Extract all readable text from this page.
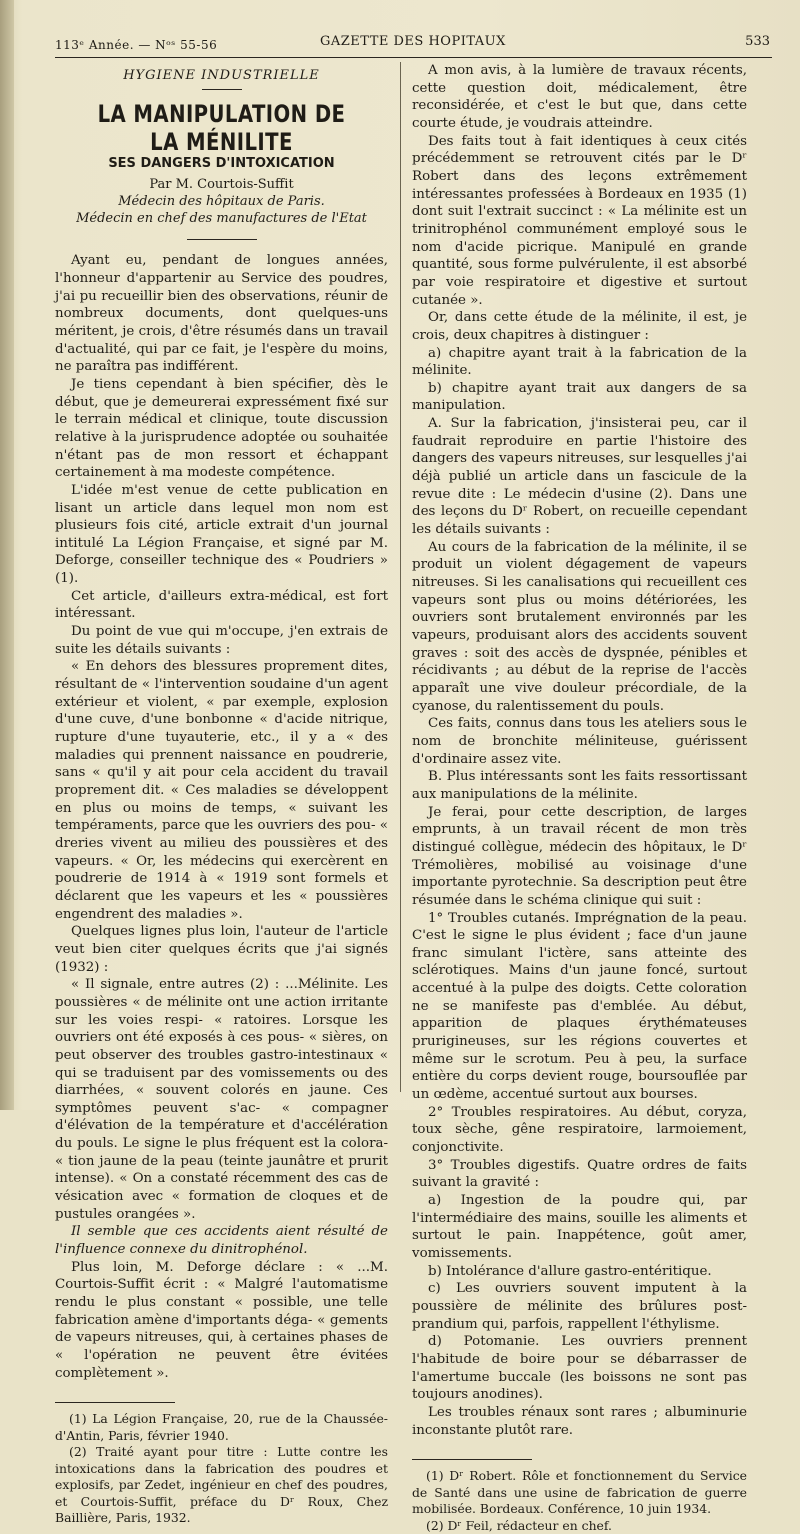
113ᵉ Année. — Nᵒˢ 55-56	GAZETTE DES HOPITAUX	533
HYGIENE INDUSTRIELLE
LA MANIPULATION DE LA MÉNILITE
SES DANGERS D'INTOXICATION
Par M. Courtois-Suffit
Médecin des hôpitaux de Paris.
Médecin en chef des manufactures de l'Etat

Ayant eu, pendant de longues années, l'honneur d'appartenir au Service des poudres, j'ai pu recueillir bien des observations, réunir de nombreux documents, dont quelques-uns méritent, je crois, d'être résumés dans un travail d'actualité, qui par ce fait, je l'espère du moins, ne paraîtra pas indifférent.

Je tiens cependant à bien spécifier, dès le début, que je demeurerai expressément fixé sur le terrain médical et clinique, toute discussion relative à la jurisprudence adoptée ou souhaitée n'étant pas de mon ressort et échappant certainement à ma modeste compétence.

L'idée m'est venue de cette publication en lisant un article dans lequel mon nom est plusieurs fois cité, article extrait d'un journal intitulé La Légion Française, et signé par M. Deforge, conseiller technique des « Poudriers » (1).

Cet article, d'ailleurs extra-médical, est fort intéressant.

Du point de vue qui m'occupe, j'en extrais de suite les détails suivants :

« En dehors des blessures proprement dites, résultant de « l'intervention soudaine d'un agent extérieur et violent, « par exemple, explosion d'une cuve, d'une bonbonne « d'acide nitrique, rupture d'une tuyauterie, etc., il y a « des maladies qui prennent naissance en poudrerie, sans « qu'il y ait pour cela accident du travail proprement dit. « Ces maladies se développent en plus ou moins de temps, « suivant les tempéraments, parce que les ouvriers des pou- « dreries vivent au milieu des poussières et des vapeurs. « Or, les médecins qui exercèrent en poudrerie de 1914 à « 1919 sont formels et déclarent que les vapeurs et les « poussières engendrent des maladies ».

Quelques lignes plus loin, l'auteur de l'article veut bien citer quelques écrits que j'ai signés (1932) :

« Il signale, entre autres (2) : ...Mélinite. Les poussières « de mélinite ont une action irritante sur les voies respi- « ratoires. Lorsque les ouvriers ont été exposés à ces pous- « sières, on peut observer des troubles gastro-intestinaux « qui se traduisent par des vomissements ou des diarrhées, « souvent colorés en jaune. Ces symptômes peuvent s'ac- « compagner d'élévation de la température et d'accélération du pouls. Le signe le plus fréquent est la colora- « tion jaune de la peau (teinte jaunâtre et prurit intense). « On a constaté récemment des cas de vésication avec « formation de cloques et de pustules orangées ».

Il semble que ces accidents aient résulté de l'influence connexe du dinitrophénol.

Plus loin, M. Deforge déclare : « ...M. Courtois-Suffit écrit : « Malgré l'automatisme rendu le plus constant « possible, une telle fabrication amène d'importants déga- « gements de vapeurs nitreuses, qui, à certaines phases de « l'opération ne peuvent être évitées complètement ».

(1) La Légion Française, 20, rue de la Chaussée-d'Antin, Paris, février 1940.

(2) Traité ayant pour titre : Lutte contre les intoxications dans la fabrication des poudres et explosifs, par Zedet, ingénieur en chef des poudres, et Courtois-Suffit, préface du Dʳ Roux, Chez Baillière, Paris, 1932.

A mon avis, à la lumière de travaux récents, cette question doit, médicalement, être reconsidérée, et c'est le but que, dans cette courte étude, je voudrais atteindre.

Des faits tout à fait identiques à ceux cités précédemment se retrouvent cités par le Dʳ Robert dans des leçons extrêmement intéressantes professées à Bordeaux en 1935 (1) dont suit l'extrait succinct : « La mélinite est un trinitrophénol communément employé sous le nom d'acide picrique. Manipulé en grande quantité, sous forme pulvérulente, il est absorbé par voie respiratoire et digestive et surtout cutanée ».

Or, dans cette étude de la mélinite, il est, je crois, deux chapitres à distinguer :

a) chapitre ayant trait à la fabrication de la mélinite.

b) chapitre ayant trait aux dangers de sa manipulation.

A. Sur la fabrication, j'insisterai peu, car il faudrait reproduire en partie l'histoire des dangers des vapeurs nitreuses, sur lesquelles j'ai déjà publié un article dans un fascicule de la revue dite : Le médecin d'usine (2). Dans une des leçons du Dʳ Robert, on recueille cependant les détails suivants :

Au cours de la fabrication de la mélinite, il se produit un violent dégagement de vapeurs nitreuses. Si les canalisations qui recueillent ces vapeurs sont plus ou moins détériorées, les ouvriers sont brutalement environnés par les vapeurs, produisant alors des accidents souvent graves : soit des accès de dyspnée, pénibles et récidivants ; au début de la reprise de l'accès apparaît une vive douleur précordiale, de la cyanose, du ralentissement du pouls.

Ces faits, connus dans tous les ateliers sous le nom de bronchite méliniteuse, guérissent d'ordinaire assez vite.

B. Plus intéressants sont les faits ressortissant aux manipulations de la mélinite.

Je ferai, pour cette description, de larges emprunts, à un travail récent de mon très distingué collègue, médecin des hôpitaux, le Dʳ Trémolières, mobilisé au voisinage d'une importante pyrotechnie. Sa description peut être résumée dans le schéma clinique qui suit :

1° Troubles cutanés. Imprégnation de la peau. C'est le signe le plus évident ; face d'un jaune franc simulant l'ictère, sans atteinte des sclérotiques. Mains d'un jaune foncé, surtout accentué à la pulpe des doigts. Cette coloration ne se manifeste pas d'emblée. Au début, apparition de plaques érythémateuses prurigineuses, sur les régions couvertes et même sur le scrotum. Peu à peu, la surface entière du corps devient rouge, boursouflée par un œdème, accentué surtout aux bourses.

2° Troubles respiratoires. Au début, coryza, toux sèche, gêne respiratoire, larmoiement, conjonctivite.

3° Troubles digestifs. Quatre ordres de faits suivant la gravité :

a) Ingestion de la poudre qui, par l'intermédiaire des mains, souille les aliments et surtout le pain. Inappétence, goût amer, vomissements.

b) Intolérance d'allure gastro-entéritique.

c) Les ouvriers souvent imputent à la poussière de mélinite des brûlures post-prandium qui, parfois, rappellent l'éthylisme.

d) Potomanie. Les ouvriers prennent l'habitude de boire pour se débarrasser de l'amertume buccale (les boissons ne sont pas toujours anodines).

Les troubles rénaux sont rares ; albuminurie inconstante plutôt rare.

(1) Dʳ Robert. Rôle et fonctionnement du Service de Santé dans une usine de fabrication de guerre mobilisée. Bordeaux. Conférence, 10 juin 1934.

(2) Dʳ Feil, rédacteur en chef.
